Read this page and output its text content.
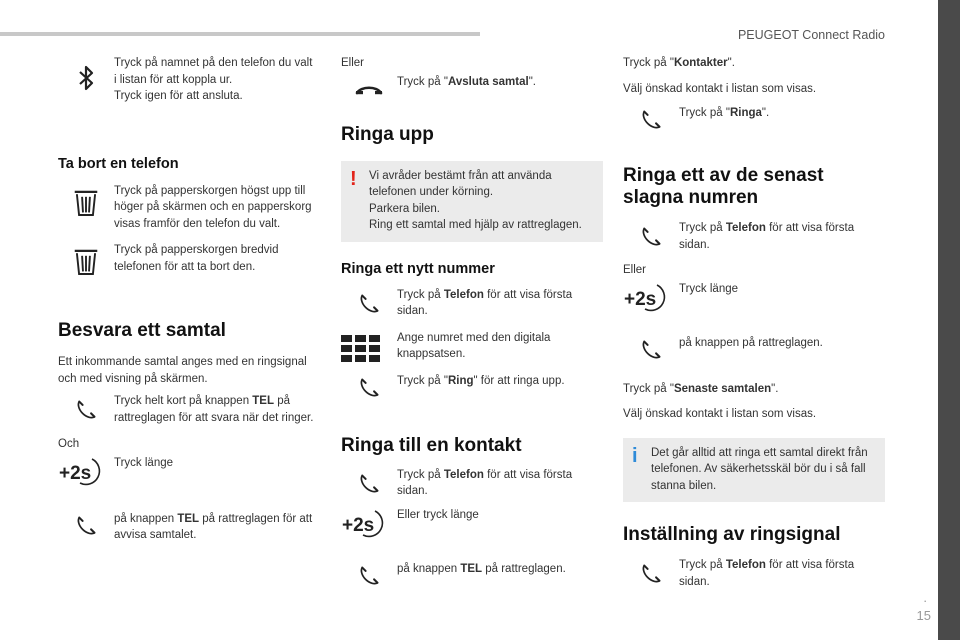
PEUGEOT Connect Radio
.
15
Tryck på namnet på den telefon du valt i listan för att koppla ur.
Tryck igen för att ansluta.
Ta bort en telefon
Tryck på papperskorgen högst upp till höger på skärmen och en papperskorg visas framför den telefon du valt.
Tryck på papperskorgen bredvid telefonen för att ta bort den.
Besvara ett samtal
Ett inkommande samtal anges med en ringsignal och med visning på skärmen.
Tryck helt kort på knappen TEL på rattreglagen för att svara när det ringer.
Och
+2s Tryck länge
på knappen TEL på rattreglagen för att avvisa samtalet.
Eller
Tryck på "Avsluta samtal".
Ringa upp
! Vi avråder bestämt från att använda telefonen under körning.
Parkera bilen.
Ring ett samtal med hjälp av rattreglagen.
Ringa ett nytt nummer
Tryck på Telefon för att visa första sidan.
Ange numret med den digitala knappsatsen.
Tryck på "Ring" för att ringa upp.
Ringa till en kontakt
Tryck på Telefon för att visa första sidan.
+2s Eller tryck länge
på knappen TEL på rattreglagen.
Tryck på "Kontakter".
Välj önskad kontakt i listan som visas.
Tryck på "Ringa".
Ringa ett av de senast slagna numren
Tryck på Telefon för att visa första sidan.
Eller
+2s Tryck länge
på knappen på rattreglagen.
Tryck på "Senaste samtalen".
Välj önskad kontakt i listan som visas.
i Det går alltid att ringa ett samtal direkt från telefonen. Av säkerhetsskäl bör du i så fall stanna bilen.
Inställning av ringsignal
Tryck på Telefon för att visa första sidan.
